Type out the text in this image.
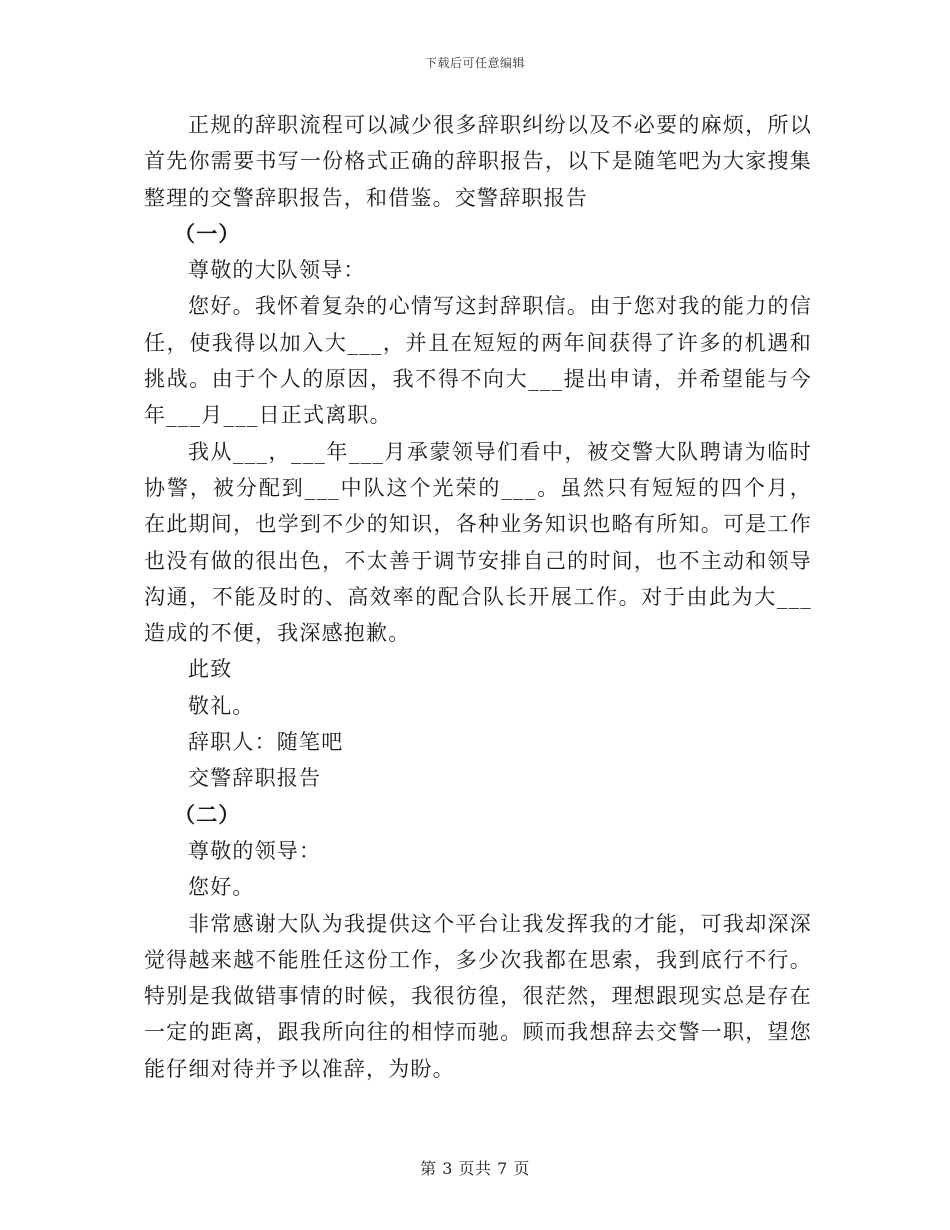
下载后可任意编辑

正规的辞职流程可以减少很多辞职纠纷以及不必要的麻烦，所以首先你需要书写一份格式正确的辞职报告，以下是随笔吧为大家搜集整理的交警辞职报告，和借鉴。交警辞职报告

（一）

尊敬的大队领导：

您好。我怀着复杂的心情写这封辞职信。由于您对我的能力的信任，使我得以加入大___，并且在短短的两年间获得了许多的机遇和挑战。由于个人的原因，我不得不向大___提出申请，并希望能与今年___月___日正式离职。

我从___，___年___月承蒙领导们看中，被交警大队聘请为临时协警，被分配到___中队这个光荣的___。虽然只有短短的四个月，在此期间，也学到不少的知识，各种业务知识也略有所知。可是工作也没有做的很出色，不太善于调节安排自己的时间，也不主动和领导沟通，不能及时的、高效率的配合队长开展工作。对于由此为大___造成的不便，我深感抱歉。

此致

敬礼。

辞职人：随笔吧

交警辞职报告

（二）

尊敬的领导：

您好。

非常感谢大队为我提供这个平台让我发挥我的才能，可我却深深觉得越来越不能胜任这份工作，多少次我都在思索，我到底行不行。特别是我做错事情的时候，我很彷徨，很茫然，理想跟现实总是存在一定的距离，跟我所向往的相悖而驰。顾而我想辞去交警一职，望您能仔细对待并予以准辞，为盼。

第 3 页共 7 页
